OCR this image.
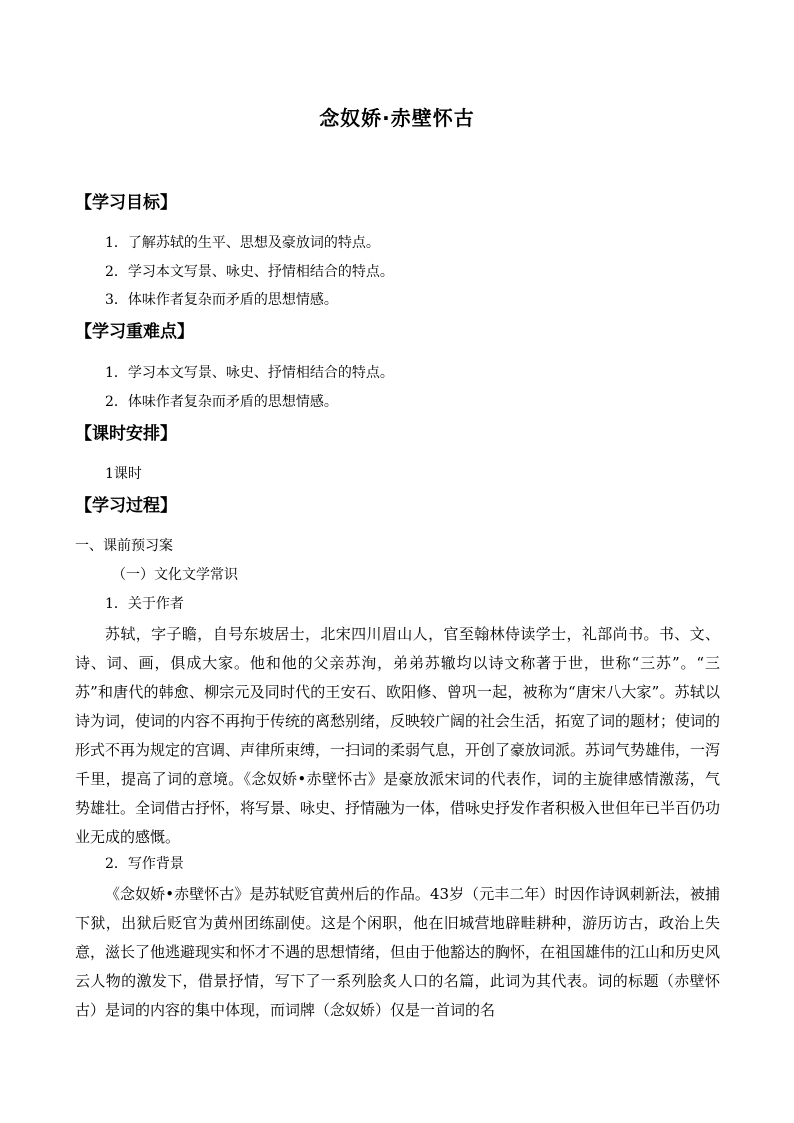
念奴娇·赤壁怀古
【学习目标】
1．了解苏轼的生平、思想及豪放词的特点。
2．学习本文写景、咏史、抒情相结合的特点。
3．体味作者复杂而矛盾的思想情感。
【学习重难点】
1．学习本文写景、咏史、抒情相结合的特点。
2．体味作者复杂而矛盾的思想情感。
【课时安排】
1课时
【学习过程】
一、课前预习案
（一）文化文学常识
1．关于作者
苏轼，字子瞻，自号东坡居士，北宋四川眉山人，官至翰林侍读学士，礼部尚书。书、文、诗、词、画，俱成大家。他和他的父亲苏洵，弟弟苏辙均以诗文称著于世，世称“三苏”。“三苏”和唐代的韩愈、柳宗元及同时代的王安石、欧阳修、曾巩一起，被称为“唐宋八大家”。苏轼以诗为词，使词的内容不再拘于传统的离愁别绪，反映较广阔的社会生活，拓宽了词的题材；使词的形式不再为规定的宫调、声律所束缚，一扫词的柔弱气息，开创了豪放词派。苏词气势雄伟，一泻千里，提高了词的意境。《念奴娇•赤壁怀古》是豪放派宋词的代表作，词的主旋律感情激荡，气势雄壮。全词借古抒怀，将写景、咏史、抒情融为一体，借咏史抒发作者积极入世但年已半百仍功业无成的感慨。
2．写作背景
《念奴娇•赤壁怀古》是苏轼贬官黄州后的作品。43岁（元丰二年）时因作诗讽刺新法，被捕下狱，出狱后贬官为黄州团练副使。这是个闲职，他在旧城营地辟畦耕种，游历访古，政治上失意，滋长了他逃避现实和怀才不遇的思想情绪，但由于他豁达的胸怀，在祖国雄伟的江山和历史风云人物的激发下，借景抒情，写下了一系列脍炙人口的名篇，此词为其代表。词的标题（赤壁怀古）是词的内容的集中体现，而词牌（念奴娇）仅是一首词的名
